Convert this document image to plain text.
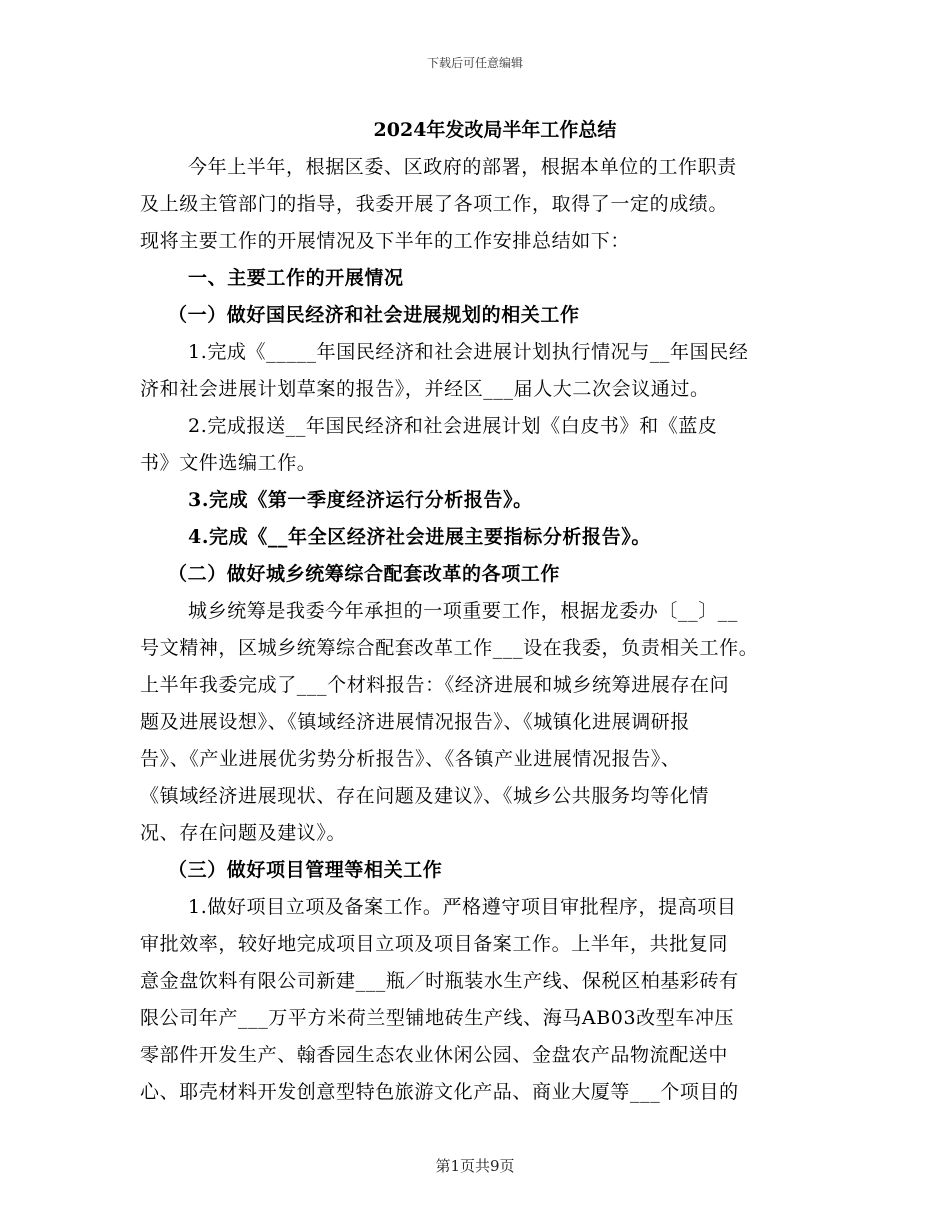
下载后可任意编辑
2024年发改局半年工作总结
今年上半年，根据区委、区政府的部署，根据本单位的工作职责
及上级主管部门的指导，我委开展了各项工作，取得了一定的成绩。
现将主要工作的开展情况及下半年的工作安排总结如下：
一、主要工作的开展情况
（一）做好国民经济和社会进展规划的相关工作
1.完成《_____年国民经济和社会进展计划执行情况与__年国民经
济和社会进展计划草案的报告》，并经区___届人大二次会议通过。
2.完成报送__年国民经济和社会进展计划《白皮书》和《蓝皮
书》文件选编工作。
3.完成《第一季度经济运行分析报告》。
4.完成《__年全区经济社会进展主要指标分析报告》。
（二）做好城乡统筹综合配套改革的各项工作
城乡统筹是我委今年承担的一项重要工作，根据龙委办〔__〕__
号文精神，区城乡统筹综合配套改革工作___设在我委，负责相关工作。
上半年我委完成了___个材料报告：《经济进展和城乡统筹进展存在问
题及进展设想》、《镇域经济进展情况报告》、《城镇化进展调研报
告》、《产业进展优劣势分析报告》、《各镇产业进展情况报告》、
《镇域经济进展现状、存在问题及建议》、《城乡公共服务均等化情
况、存在问题及建议》。
（三）做好项目管理等相关工作
1.做好项目立项及备案工作。严格遵守项目审批程序，提高项目
审批效率，较好地完成项目立项及项目备案工作。上半年，共批复同
意金盘饮料有限公司新建___瓶／时瓶装水生产线、保税区柏基彩砖有
限公司年产___万平方米荷兰型铺地砖生产线、海马AB03改型车冲压
零部件开发生产、翰香园生态农业休闲公园、金盘农产品物流配送中
心、耶壳材料开发创意型特色旅游文化产品、商业大厦等___个项目的
第1页共9页
